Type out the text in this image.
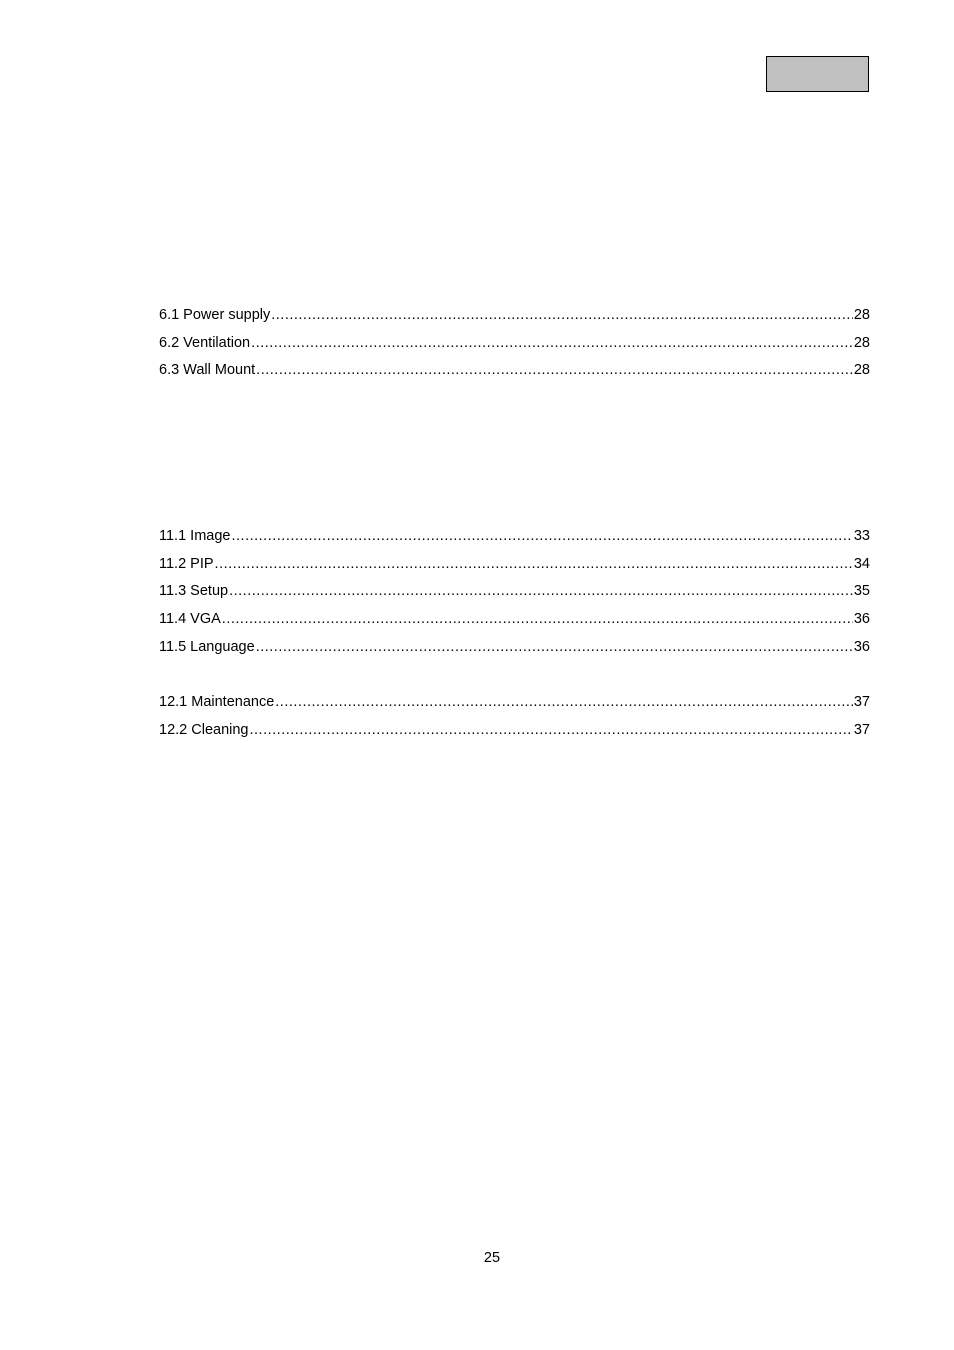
6.1 Power supply .....	28
6.2 Ventilation .....	28
6.3 Wall Mount .....	28
11.1 Image .....	33
11.2 PIP .....	34
11.3 Setup .....	35
11.4 VGA .....	36
11.5 Language .....	36
12.1 Maintenance .....	37
12.2 Cleaning .....	37
25
